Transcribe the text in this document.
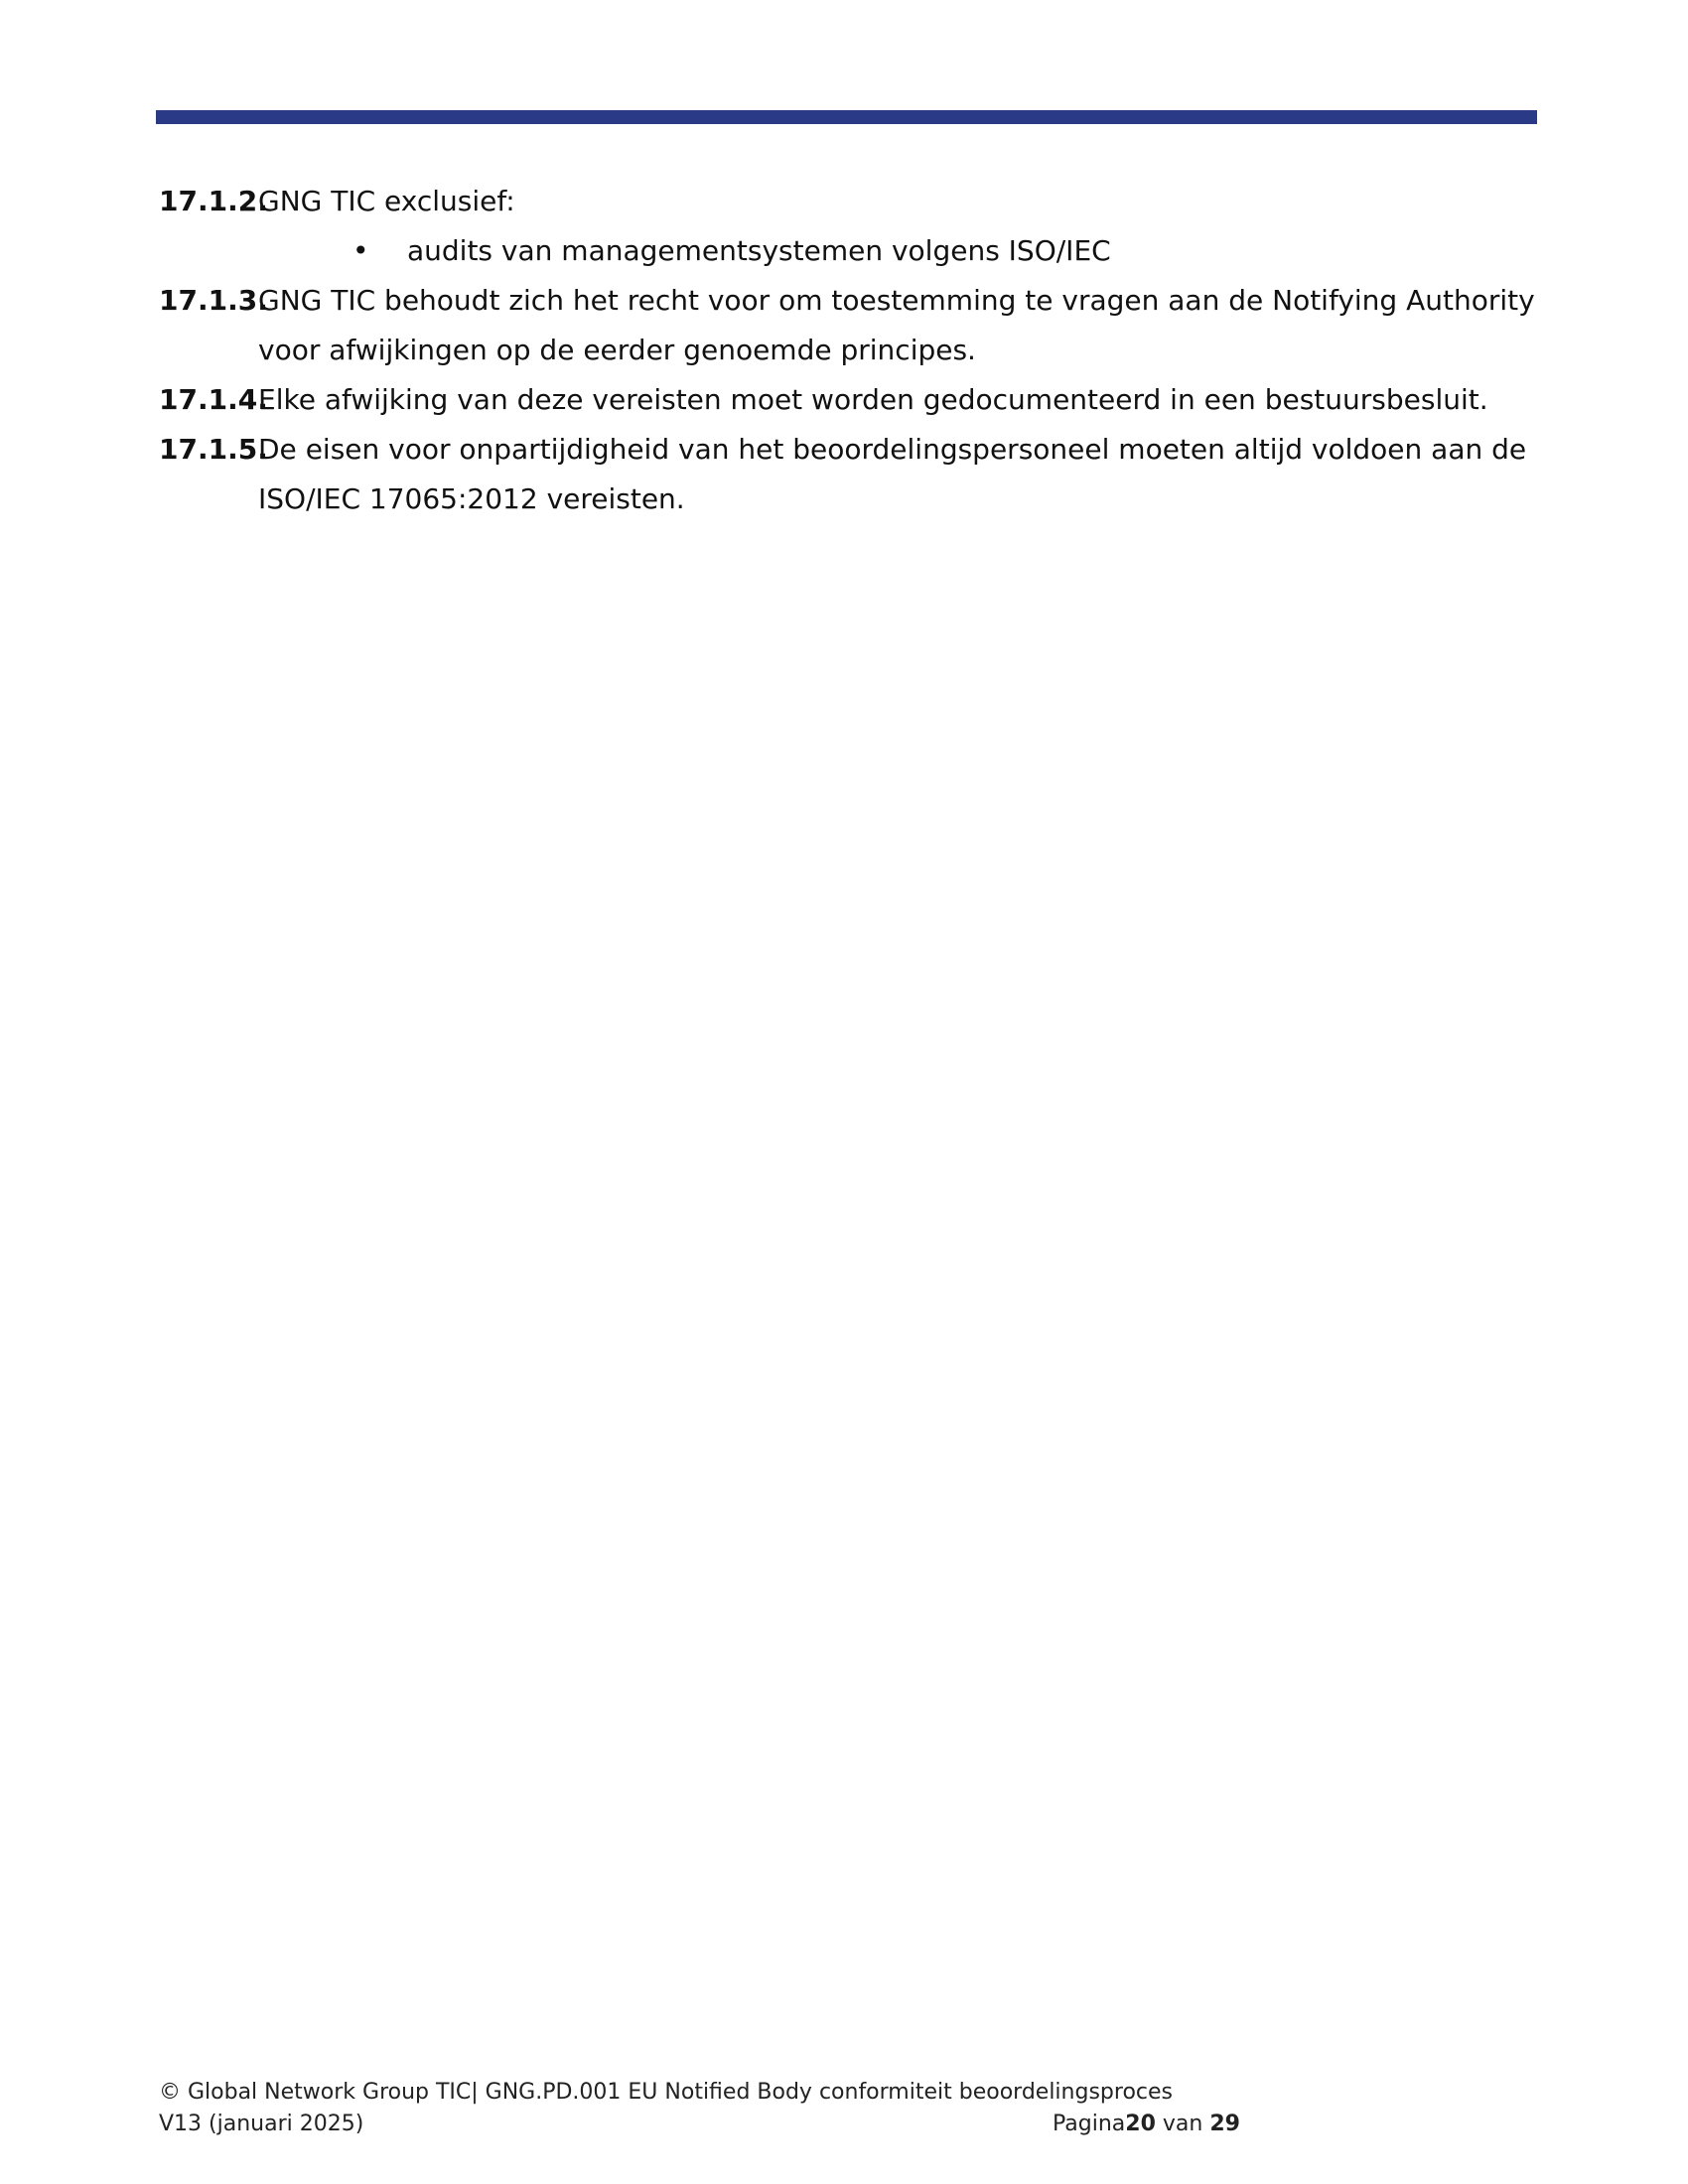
17.1.2.
GNG TIC exclusief:
•	audits van managementsystemen volgens ISO/IEC
17.1.3.
GNG TIC behoudt zich het recht voor om toestemming te vragen aan de Notifying Authority voor afwijkingen op de eerder genoemde principes.
17.1.4.
Elke afwijking van deze vereisten moet worden gedocumenteerd in een bestuursbesluit.
17.1.5.
De eisen voor onpartijdigheid van het beoordelingspersoneel moeten altijd voldoen aan de ISO/IEC 17065:2012 vereisten.
© Global Network Group TIC| GNG.PD.001 EU Notified Body conformiteit beoordelingsproces
V13 (januari 2025)	Pagina20 van 29
